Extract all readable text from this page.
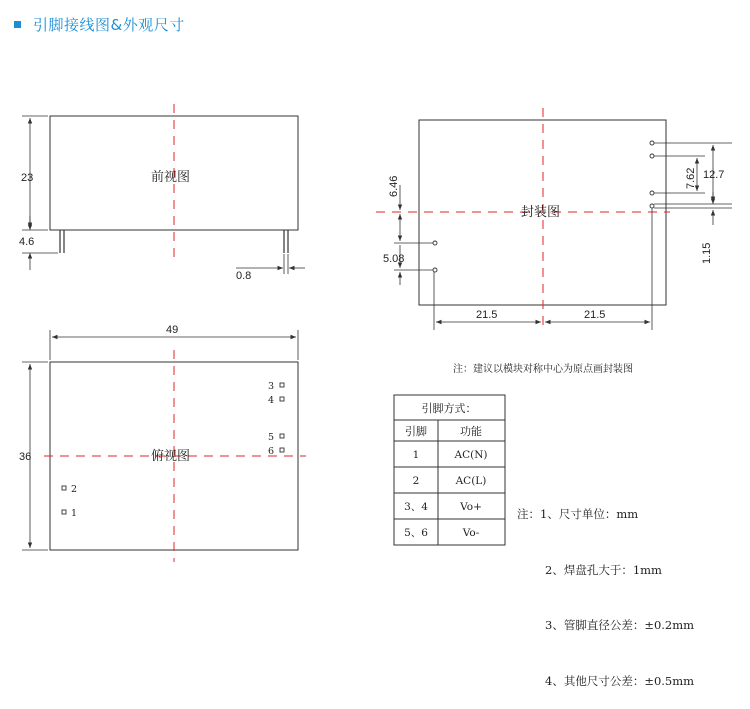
引脚接线图&外观尺寸
23
4.6
0.8
前视图
49
36	俯视图
2
1
3
4
5
6
6.46
5.08
7.62 12.7
1.15
21.5	21.5
封装图
注：建议以模块对称中心为原点画封装图
引脚方式：
引脚	功能
1	AC(N)
2	AC(L)
3、4	Vo+
5、6	Vo-

注：1、尺寸单位：mm

2、焊盘孔大于：1mm

3、管脚直径公差：±0.2mm

4、其他尺寸公差：±0.5mm
